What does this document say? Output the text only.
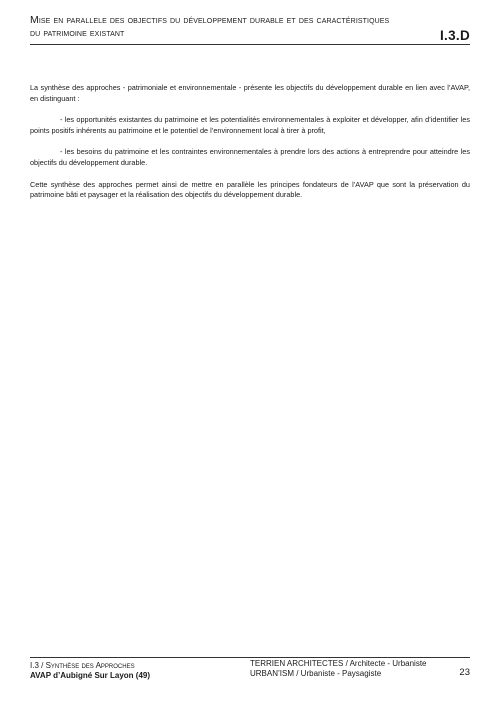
Mise en parallele des objectifs du développement durable et des caractéristiques
du patrimoine existant	I.3.D

La synthèse des approches - patrimoniale et environnementale - présente les objectifs du développement durable en lien avec l’AVAP, en distinguant :

- les opportunités existantes du patrimoine et les potentialités environnementales à exploiter et développer, afin d’identifier les points positifs inhérents au patrimoine et le potentiel de l’environnement local à tirer à profit,

- les besoins du patrimoine et les contraintes environnementales à prendre lors des actions à entreprendre pour atteindre les objectifs du développement durable.

Cette synthèse des approches permet ainsi de mettre en parallèle les principes fondateurs de l’AVAP que sont la préservation du patrimoine bâti et paysager et la réalisation des objectifs du développement durable.

I.3 / Synthèse des Approches
AVAP d’Aubigné Sur Layon (49)
TERRIEN ARCHITECTES / Architecte - Urbaniste
URBAN’ISM / Urbaniste - Paysagiste	23
